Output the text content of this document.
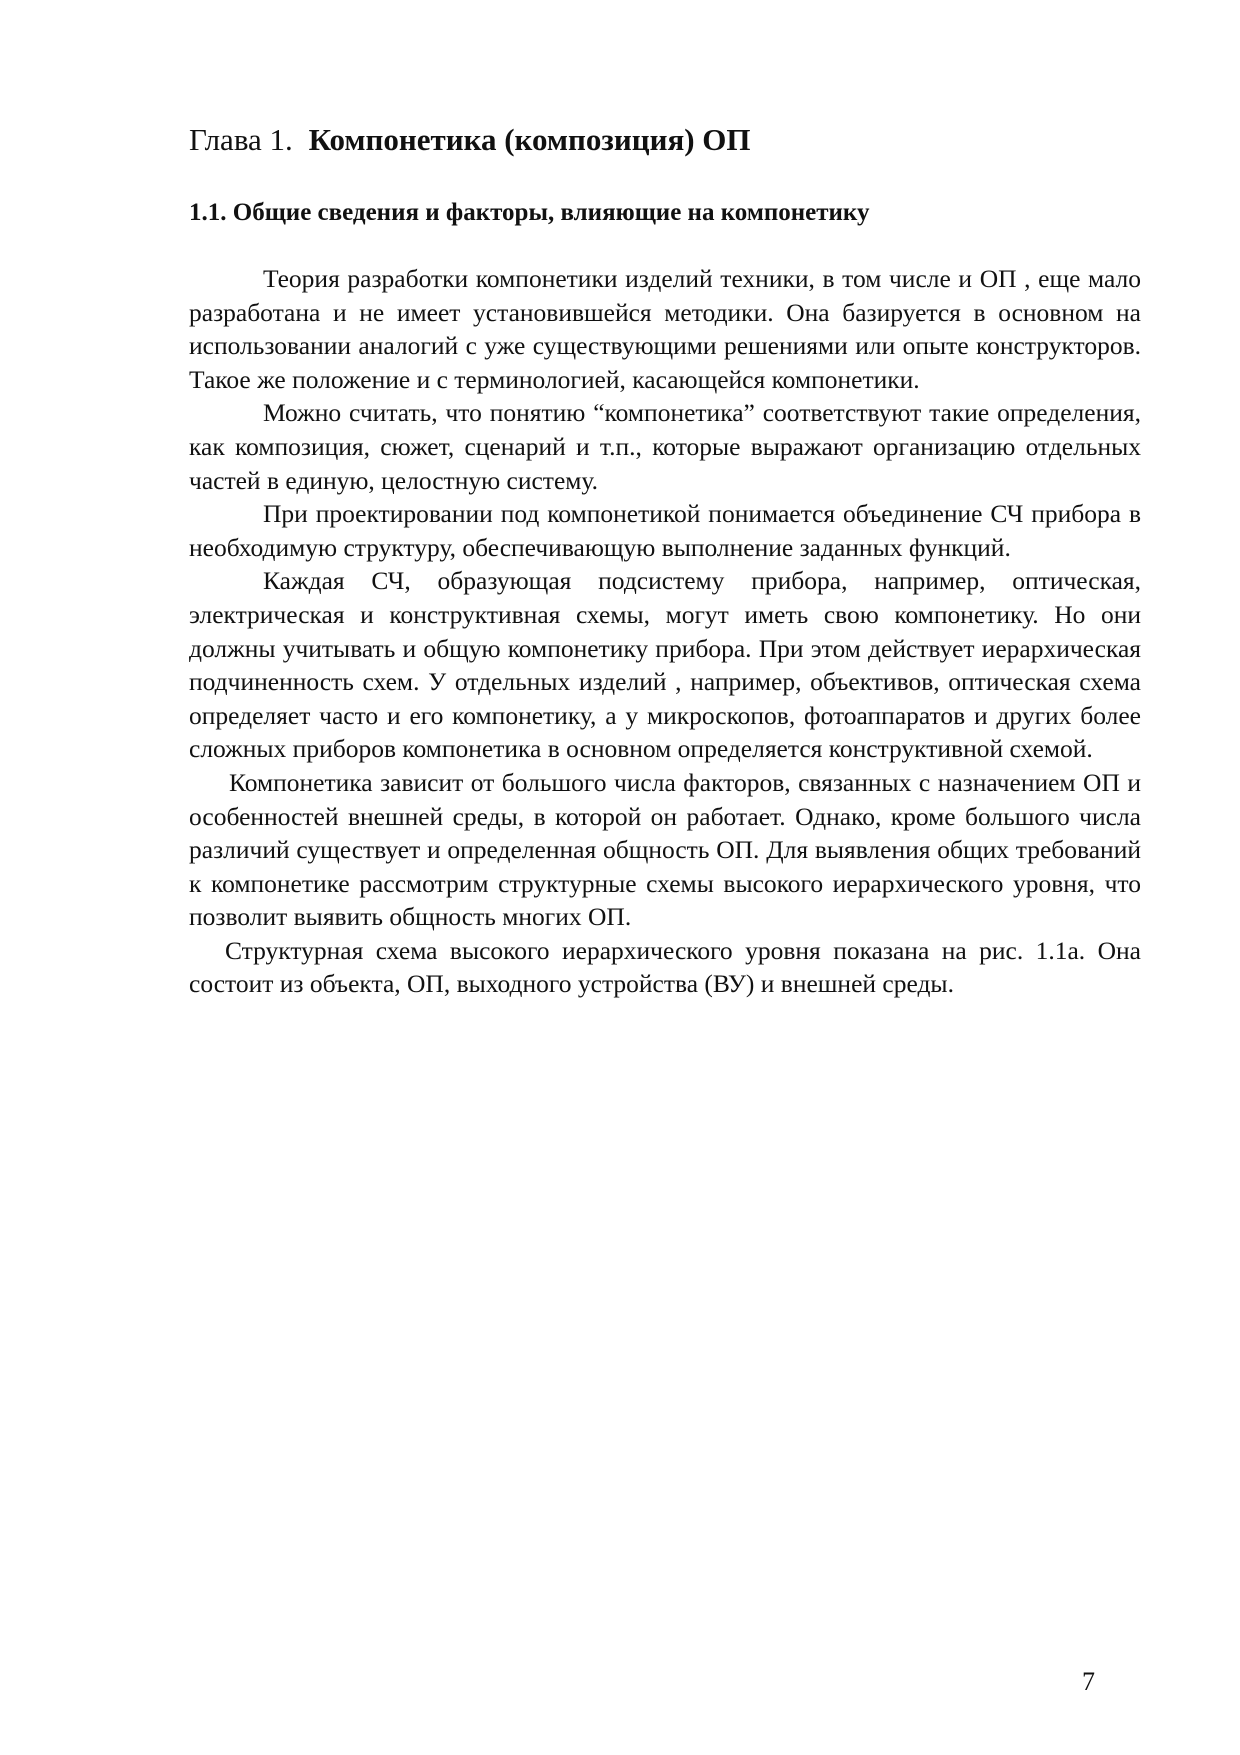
Глава 1. Компонетика (композиция) ОП
1.1. Общие сведения и факторы, влияющие на компонетику

Теория разработки компонетики изделий техники, в том числе и ОП , еще мало разработана и не имеет установившейся методики. Она базируется в основном на использовании аналогий с уже существующими решениями или опыте конструкторов. Такое же положение и с терминологией, касающейся компонетики.

Можно считать, что понятию “компонетика” соответствуют такие определения, как композиция, сюжет, сценарий и т.п., которые выражают организацию отдельных частей в единую, целостную систему.

При проектировании под компонетикой понимается объединение СЧ прибора в необходимую структуру, обеспечивающую выполнение заданных функций.

Каждая СЧ, образующая подсистему прибора, например, оптическая, электрическая и конструктивная схемы, могут иметь свою компонетику. Но они должны учитывать и общую компонетику прибора. При этом действует иерархическая подчиненность схем. У отдельных изделий , например, объективов, оптическая схема определяет часто и его компонетику, а у микроскопов, фотоаппаратов и других более сложных приборов компонетика в основном определяется конструктивной схемой.

Компонетика зависит от большого числа факторов, связанных с назначением ОП и особенностей внешней среды, в которой он работает. Однако, кроме большого числа различий существует и определенная общность ОП. Для выявления общих требований к компонетике рассмотрим структурные схемы высокого иерархического уровня, что позволит выявить общность многих ОП.

Структурная схема высокого иерархического уровня показана на рис. 1.1а. Она состоит из объекта, ОП, выходного устройства (ВУ) и внешней среды.

7
